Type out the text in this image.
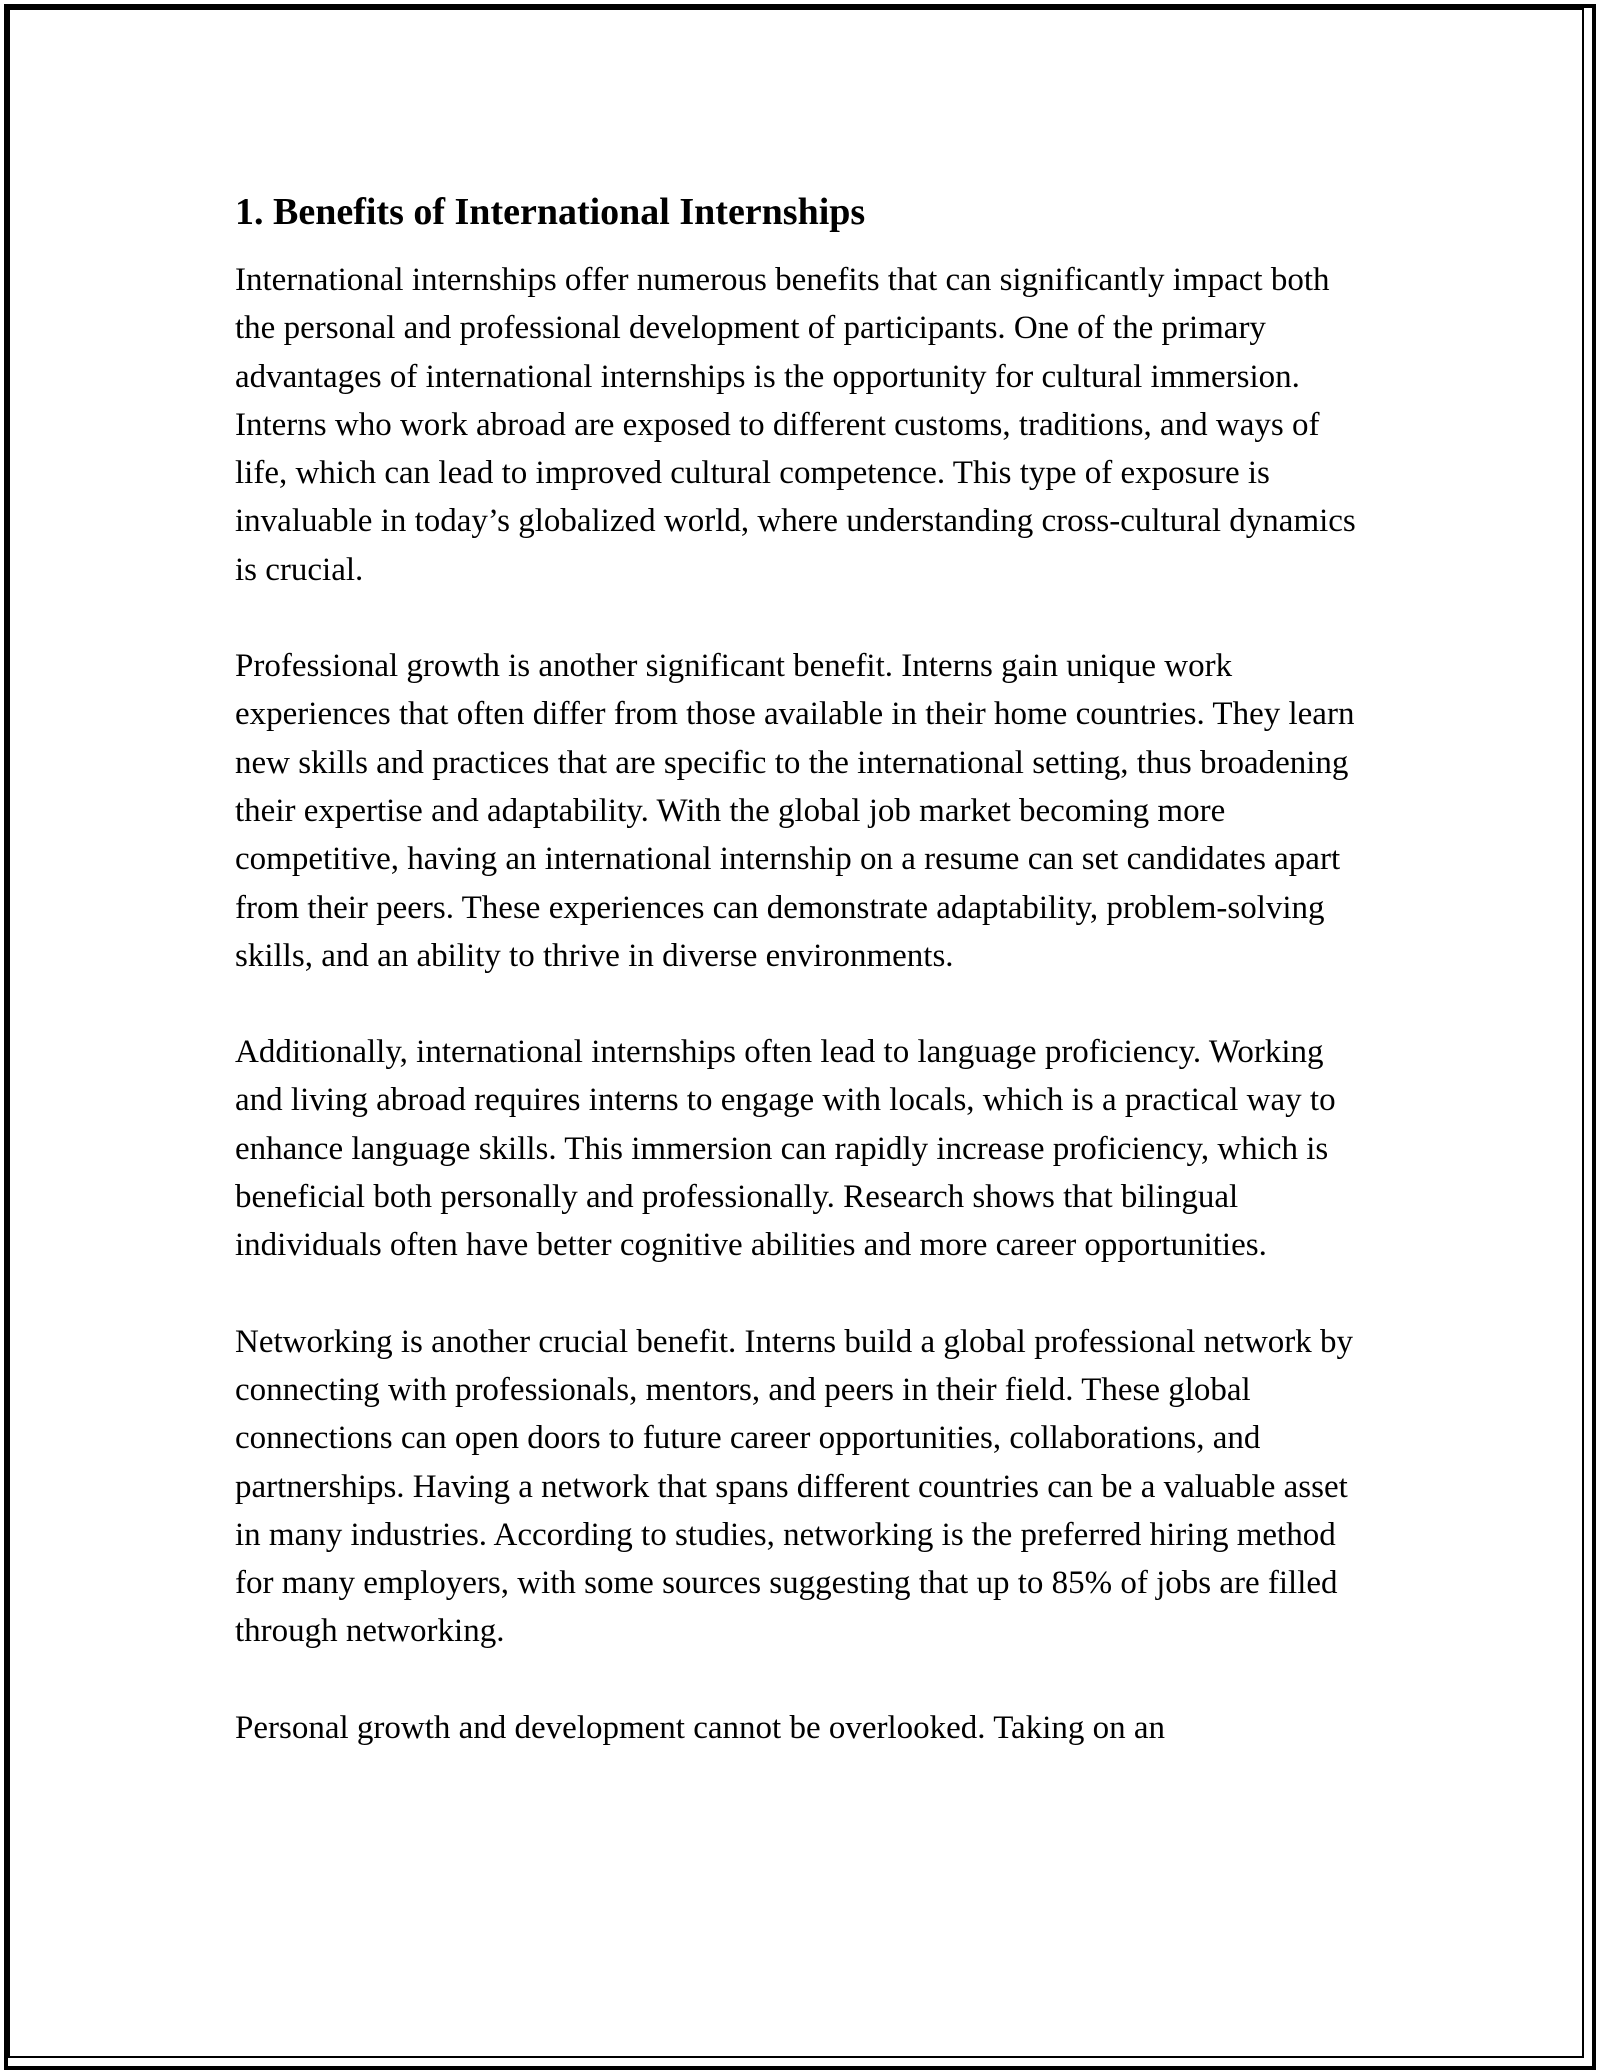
1. Benefits of International Internships

International internships offer numerous benefits that can significantly impact both the personal and professional development of participants. One of the primary advantages of international internships is the opportunity for cultural immersion. Interns who work abroad are exposed to different customs, traditions, and ways of life, which can lead to improved cultural competence. This type of exposure is invaluable in today’s globalized world, where understanding cross-cultural dynamics is crucial.

Professional growth is another significant benefit. Interns gain unique work experiences that often differ from those available in their home countries. They learn new skills and practices that are specific to the international setting, thus broadening their expertise and adaptability. With the global job market becoming more competitive, having an international internship on a resume can set candidates apart from their peers. These experiences can demonstrate adaptability, problem-solving skills, and an ability to thrive in diverse environments.

Additionally, international internships often lead to language proficiency. Working and living abroad requires interns to engage with locals, which is a practical way to enhance language skills. This immersion can rapidly increase proficiency, which is beneficial both personally and professionally. Research shows that bilingual individuals often have better cognitive abilities and more career opportunities.

Networking is another crucial benefit. Interns build a global professional network by connecting with professionals, mentors, and peers in their field. These global connections can open doors to future career opportunities, collaborations, and partnerships. Having a network that spans different countries can be a valuable asset in many industries. According to studies, networking is the preferred hiring method for many employers, with some sources suggesting that up to 85% of jobs are filled through networking.

Personal growth and development cannot be overlooked. Taking on an
